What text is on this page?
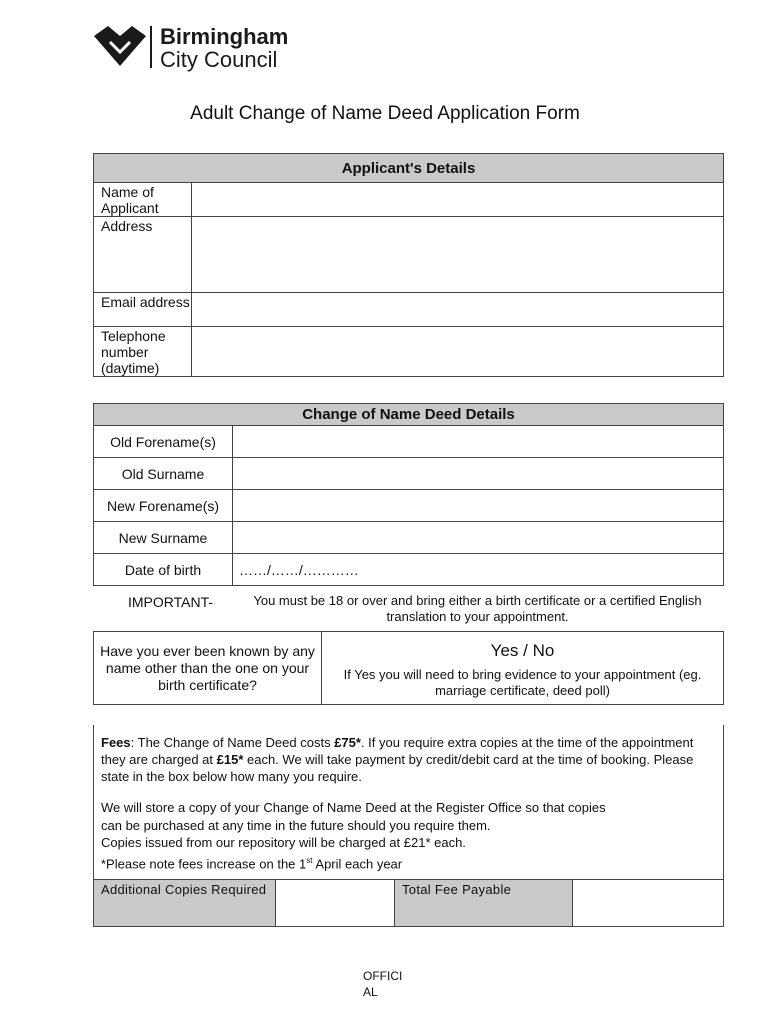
Birmingham
City Council
Adult Change of Name Deed Application Form
Applicant's Details	
Name of Applicant	
Address	
Email address	
Telephone number (daytime)	
Change of Name Deed Details	
Old Forename(s)	
Old Surname	
New Forename(s)	
New Surname	
Date of birth	……/……/…………
IMPORTANT-	You must be 18 or over and bring either a birth certificate or a certified English translation to your appointment.
Have you ever been known by any name other than the one on your birth certificate?	
Yes / No
If Yes you will need to bring evidence to your appointment (eg. marriage certificate, deed poll)
Fees: The Change of Name Deed costs £75*. If you require extra copies at the time of the appointment they are charged at £15* each. We will take payment by credit/debit card at the time of booking. Please state in the box below how many you require.
We will store a copy of your Change of Name Deed at the Register Office so that copies
can be purchased at any time in the future should you require them.
Copies issued from our repository will be charged at £21* each.
*Please note fees increase on the 1st April each year
Additional Copies Required		Total Fee Payable	
OFFICI
AL
